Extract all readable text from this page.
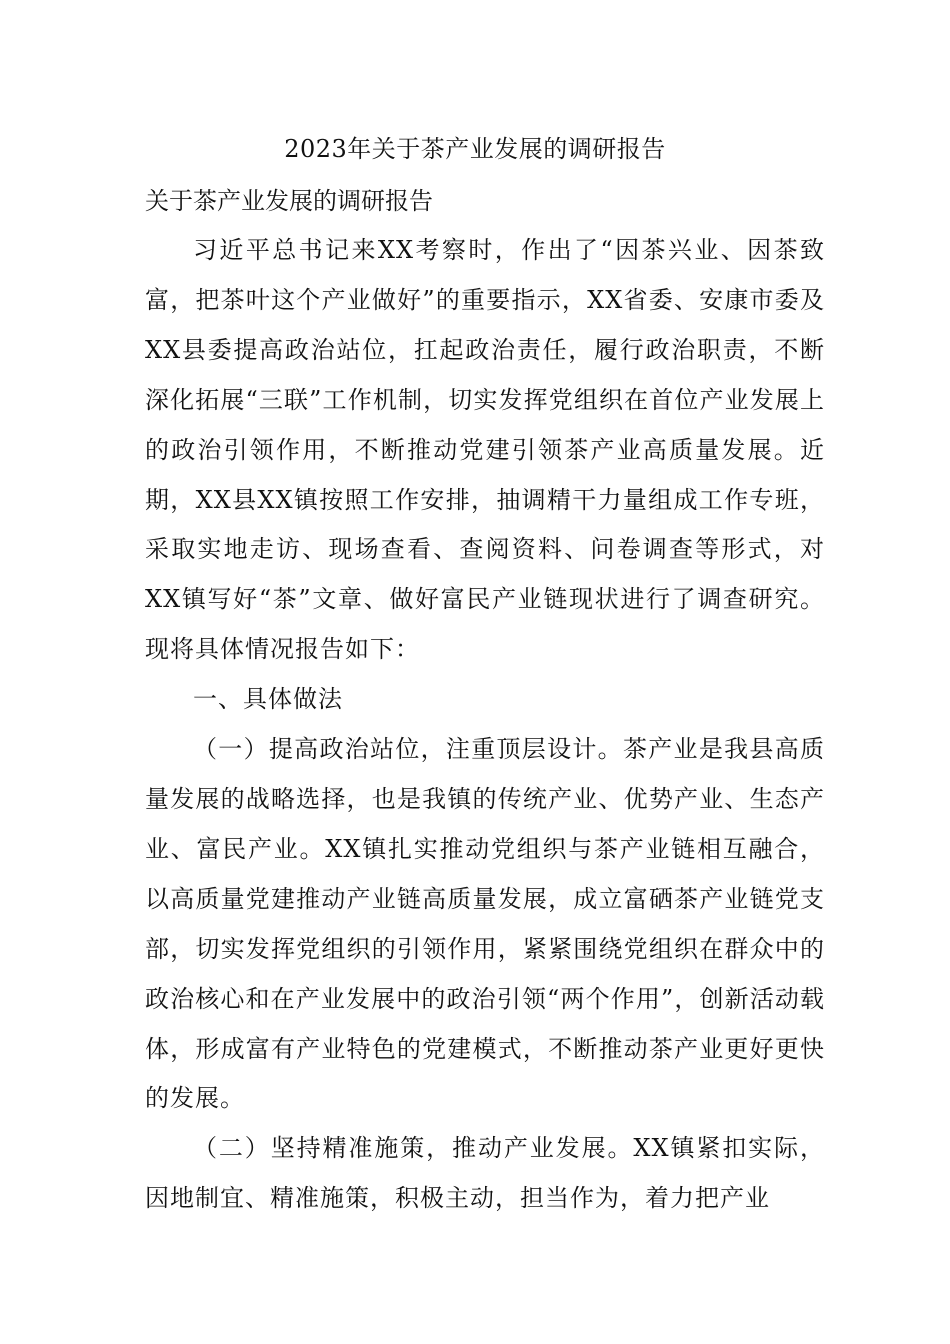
2023年关于茶产业发展的调研报告
关于茶产业发展的调研报告

习近平总书记来XX考察时，作出了“因茶兴业、因茶致富，把茶叶这个产业做好”的重要指示，XX省委、安康市委及XX县委提高政治站位，扛起政治责任，履行政治职责，不断深化拓展“三联”工作机制，切实发挥党组织在首位产业发展上的政治引领作用，不断推动党建引领茶产业高质量发展。近期，XX县XX镇按照工作安排，抽调精干力量组成工作专班，采取实地走访、现场查看、查阅资料、问卷调查等形式，对XX镇写好“茶”文章、做好富民产业链现状进行了调查研究。现将具体情况报告如下：

一、具体做法

（一）提高政治站位，注重顶层设计。茶产业是我县高质量发展的战略选择，也是我镇的传统产业、优势产业、生态产业、富民产业。XX镇扎实推动党组织与茶产业链相互融合，以高质量党建推动产业链高质量发展，成立富硒茶产业链党支部，切实发挥党组织的引领作用，紧紧围绕党组织在群众中的政治核心和在产业发展中的政治引领“两个作用”，创新活动载体，形成富有产业特色的党建模式，不断推动茶产业更好更快的发展。

（二）坚持精准施策，推动产业发展。XX镇紧扣实际，因地制宜、精准施策，积极主动，担当作为，着力把产业
